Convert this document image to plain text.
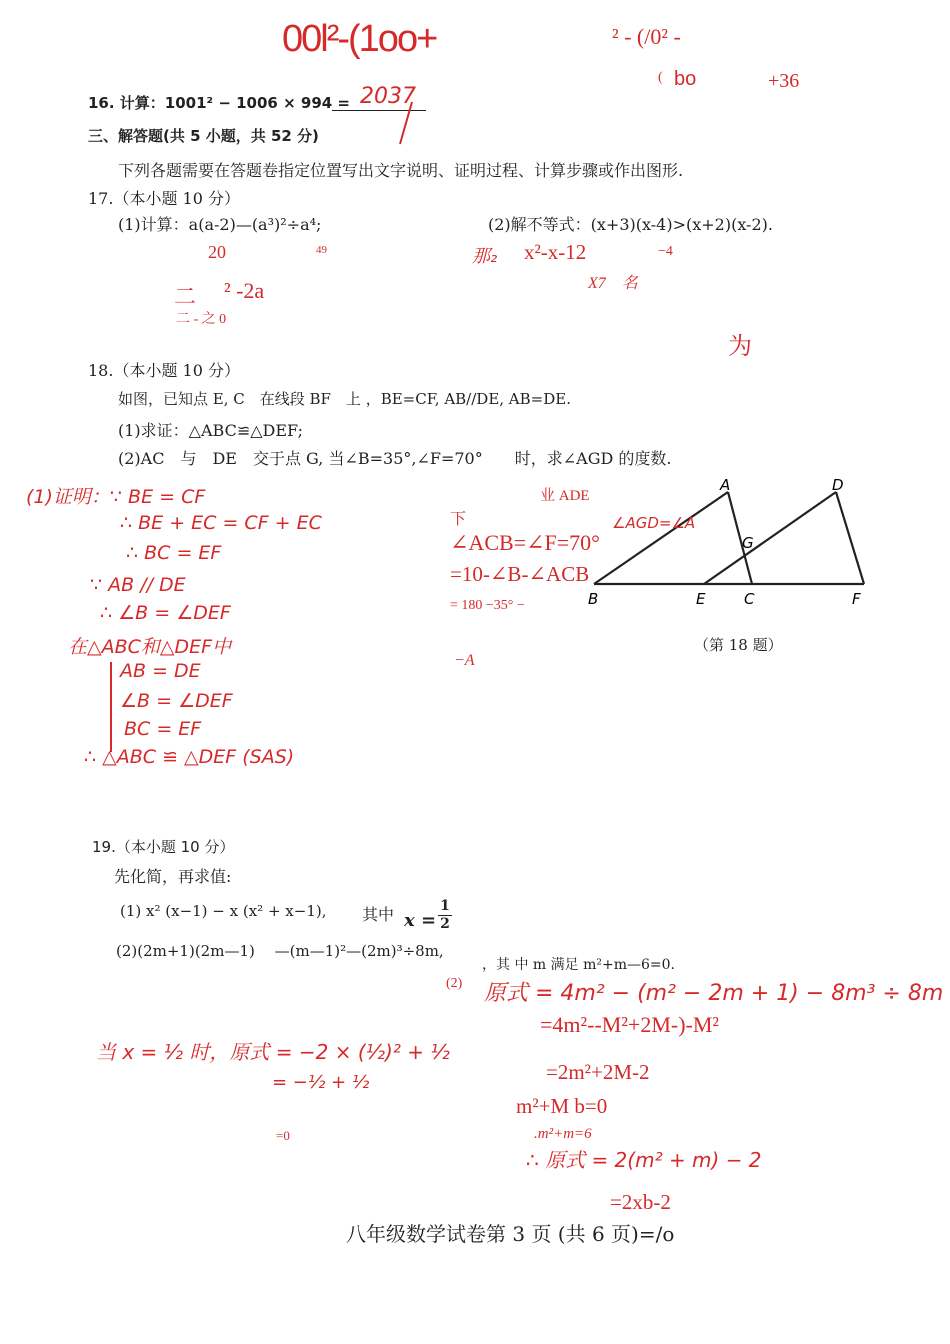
00l²-(1oo+	² - (/0² -
( bo	+36
16. 计算：1001² − 1006 × 994 = 2037
三、解答题(共 5 小题，共 52 分)
下列各题需要在答题卷指定位置写出文字说明、证明过程、计算步骤或作出图形.
17.（本小题 10 分）
(1)计算：a(a-2)—(a³)²÷a⁴;	(2)解不等式：(x+3)(x-4)>(x+2)(x-2).
20	49
二 ² -2a
二 - 之 0
那₂ x²-x-12	−4
X7　名
为
18.（本小题 10 分）
如图，已知点 E, C　在线段 BF　上 ，BE=CF, AB//DE, AB=DE.
(1)求证：△ABC≌△DEF;
(2)AC　与　DE　交于点 G, 当∠B=35°,∠F=70°　　时，求∠AGD 的度数.
A	D
G
B	E	C	F
（第 18 题）
(1)证明：∵ BE = CF
∴ BE + EC = CF + EC
∴ BC = EF
∵ AB // DE
∴ ∠B = ∠DEF
在△ABC和△DEF中
AB = DE
∠B = ∠DEF
BC = EF
∴ △ABC ≌ △DEF (SAS)
业 ADE
∠AGD=∠A
下
∠ACB=∠F=70°
=10-∠B-∠ACB
= 180 −35° −
−A
19.（本小题 10 分）
先化简，再求值:
(1) x² (x−1) − x (x² + x−1), 其中 x =
1
2
(2)(2m+1)(2m—1)　 —(m—1)²—(2m)³÷8m,
，其 中 m 满足 m²+m—6=0.
(2) 原式 = 4m² − (m² − 2m + 1) − 8m³ ÷ 8m
=4m²--M²+2M-)-M²
=2m²+2M-2
m²+M b=0
.m²+m=6
∴ 原式 = 2(m² + m) − 2
=2xb-2
当 x = ½ 时，原式 = −2 × (½)² + ½
= −½ + ½
=0
八年级数学试卷第 3 页 (共 6 页)=/o
